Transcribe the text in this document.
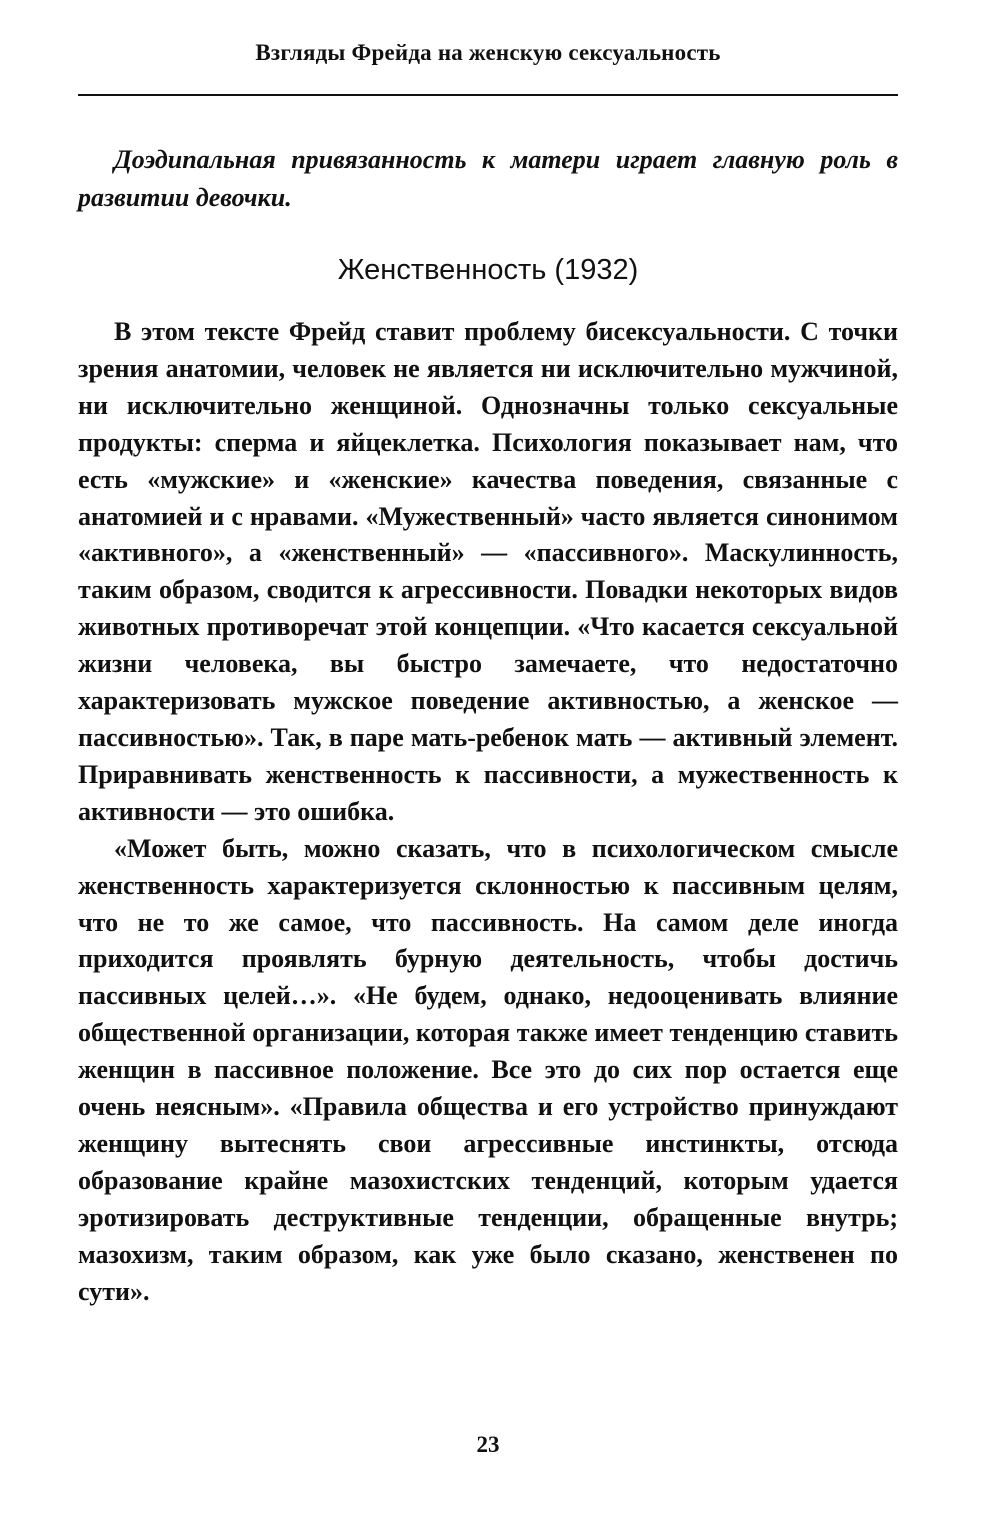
Взгляды Фрейда на женскую сексуальность

Доэдипальная привязанность к матери играет главную роль в развитии девочки.

Женственность (1932)

В этом тексте Фрейд ставит проблему бисексуальности. С точки зрения анатомии, человек не является ни исключительно мужчиной, ни исключительно женщиной. Однозначны только сексуальные продукты: сперма и яйцеклетка. Психология показывает нам, что есть «мужские» и «женские» качества поведения, связанные с анатомией и с нравами. «Мужественный» часто является синонимом «активного», а «женственный» — «пассивного». Маскулинность, таким образом, сводится к агрессивности. Повадки некоторых видов животных противоречат этой концепции. «Что касается сексуальной жизни человека, вы быстро замечаете, что недостаточно характеризовать мужское поведение активностью, а женское — пассивностью». Так, в паре мать-ребенок мать — активный элемент. Приравнивать женственность к пассивности, а мужественность к активности — это ошибка.

«Может быть, можно сказать, что в психологическом смысле женственность характеризуется склонностью к пассивным целям, что не то же самое, что пассивность. На самом деле иногда приходится проявлять бурную деятельность, чтобы достичь пассивных целей…». «Не будем, однако, недооценивать влияние общественной организации, которая также имеет тенденцию ставить женщин в пассивное положение. Все это до сих пор остается еще очень неясным». «Правила общества и его устройство принуждают женщину вытеснять свои агрессивные инстинкты, отсюда образование крайне мазохистских тенденций, которым удается эротизировать деструктивные тенденции, обращенные внутрь; мазохизм, таким образом, как уже было сказано, женственен по сути».

23
